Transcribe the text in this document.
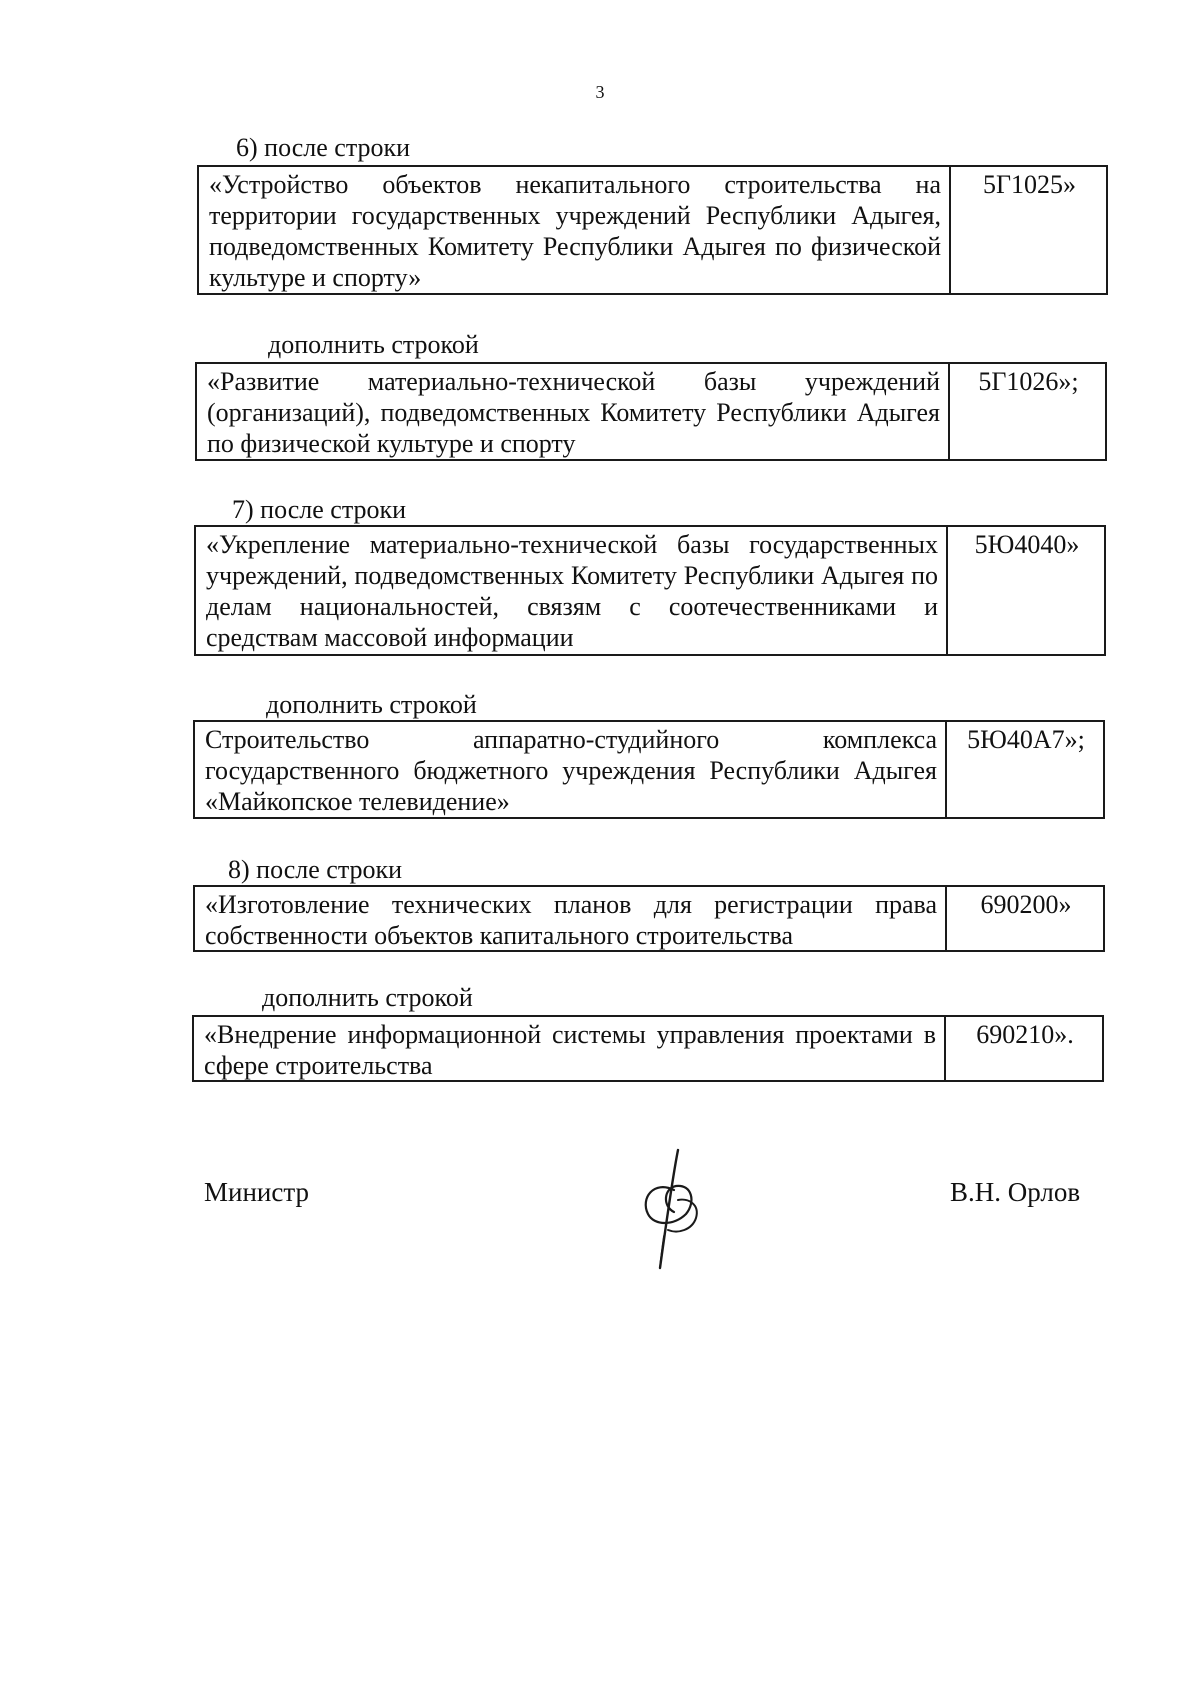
3
6) после строки
«Устройство объектов некапитального строительства на территории государственных учреждений Республики Адыгея, подведомственных Комитету Республики Адыгея по физической культуре и спорту»
5Г1025»
дополнить строкой
«Развитие материально-технической базы учреждений (организаций), подведомственных Комитету Республики Адыгея по физической культуре и спорту
5Г1026»;
7) после строки
«Укрепление материально-технической базы государственных учреждений, подведомственных Комитету Республики Адыгея по делам национальностей, связям с соотечественниками и средствам массовой информации
5Ю4040»
дополнить строкой
Строительство аппаратно-студийного комплекса государственного бюджетного учреждения Республики Адыгея «Майкопское телевидение»
5Ю40А7»;
8) после строки
«Изготовление технических планов для регистрации права собственности объектов капитального строительства
690200»
дополнить строкой
«Внедрение информационной системы управления проектами в сфере строительства
690210».
Министр	В.Н. Орлов
